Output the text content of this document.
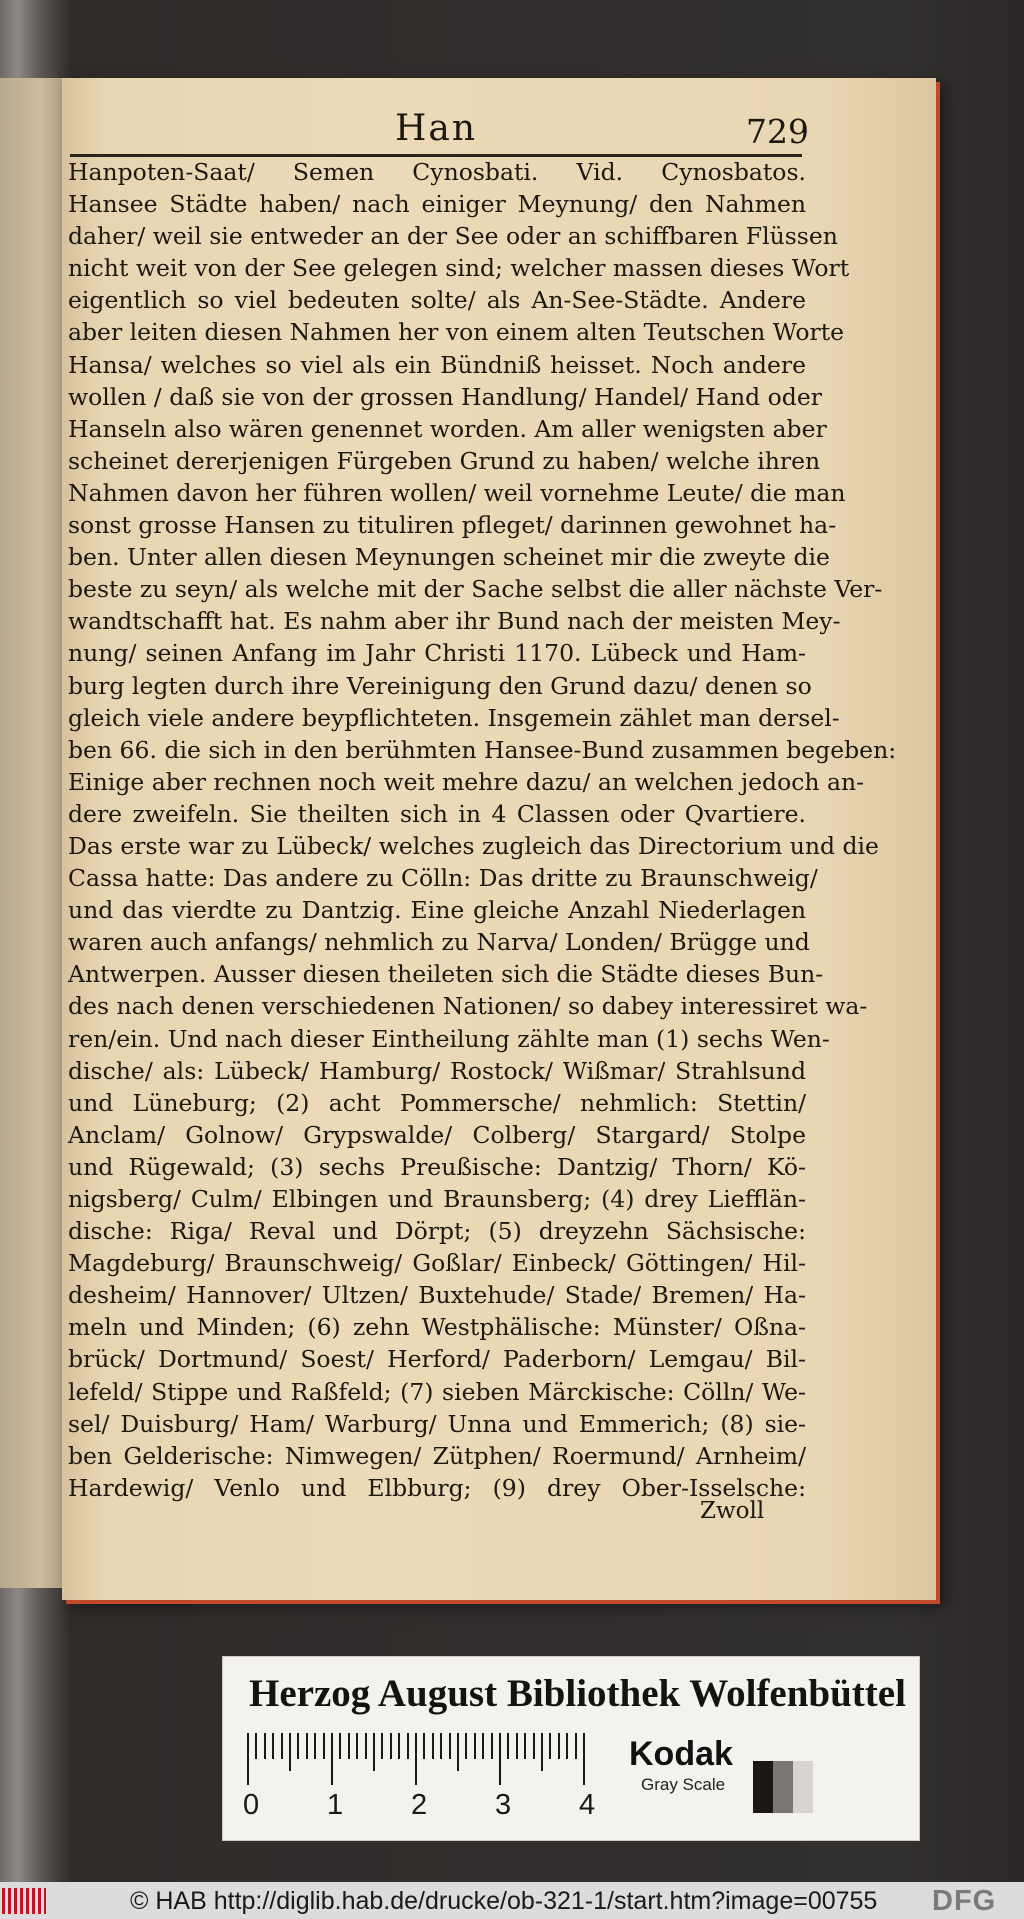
Han	729
Hanpoten-Saat/ Semen Cynosbati. Vid. Cynosbatos.
Hansee Städte haben/ nach einiger Meynung/ den Nahmen
daher/ weil sie entweder an der See oder an schiffbaren Flüssen
nicht weit von der See gelegen sind; welcher massen dieses Wort
eigentlich so viel bedeuten solte/ als An-See-Städte. Andere
aber leiten diesen Nahmen her von einem alten Teutschen Worte
Hansa/ welches so viel als ein Bündniß heisset. Noch andere
wollen / daß sie von der grossen Handlung/ Handel/ Hand oder
Hanseln also wären genennet worden. Am aller wenigsten aber
scheinet dererjenigen Fürgeben Grund zu haben/ welche ihren
Nahmen davon her führen wollen/ weil vornehme Leute/ die man
sonst grosse Hansen zu tituliren pfleget/ darinnen gewohnet ha-
ben. Unter allen diesen Meynungen scheinet mir die zweyte die
beste zu seyn/ als welche mit der Sache selbst die aller nächste Ver-
wandtschafft hat. Es nahm aber ihr Bund nach der meisten Mey-
nung/ seinen Anfang im Jahr Christi 1170. Lübeck und Ham-
burg legten durch ihre Vereinigung den Grund dazu/ denen so
gleich viele andere beypflichteten. Insgemein zählet man dersel-
ben 66. die sich in den berühmten Hansee-Bund zusammen begeben:
Einige aber rechnen noch weit mehre dazu/ an welchen jedoch an-
dere zweifeln. Sie theilten sich in 4 Classen oder Qvartiere.
Das erste war zu Lübeck/ welches zugleich das Directorium und die
Cassa hatte: Das andere zu Cölln: Das dritte zu Braunschweig/
und das vierdte zu Dantzig. Eine gleiche Anzahl Niederlagen
waren auch anfangs/ nehmlich zu Narva/ Londen/ Brügge und
Antwerpen. Ausser diesen theileten sich die Städte dieses Bun-
des nach denen verschiedenen Nationen/ so dabey interessiret wa-
ren/ein. Und nach dieser Eintheilung zählte man (1) sechs Wen-
dische/ als: Lübeck/ Hamburg/ Rostock/ Wißmar/ Strahlsund
und Lüneburg; (2) acht Pommersche/ nehmlich: Stettin/
Anclam/ Golnow/ Grypswalde/ Colberg/ Stargard/ Stolpe
und Rügewald; (3) sechs Preußische: Dantzig/ Thorn/ Kö-
nigsberg/ Culm/ Elbingen und Braunsberg; (4) drey Liefflän-
dische: Riga/ Reval und Dörpt; (5) dreyzehn Sächsische:
Magdeburg/ Braunschweig/ Goßlar/ Einbeck/ Göttingen/ Hil-
desheim/ Hannover/ Ultzen/ Buxtehude/ Stade/ Bremen/ Ha-
meln und Minden; (6) zehn Westphälische: Münster/ Oßna-
brück/ Dortmund/ Soest/ Herford/ Paderborn/ Lemgau/ Bil-
lefeld/ Stippe und Raßfeld; (7) sieben Märckische: Cölln/ We-
sel/ Duisburg/ Ham/ Warburg/ Unna und Emmerich; (8) sie-
ben Gelderische: Nimwegen/ Zütphen/ Roermund/ Arnheim/
Hardewig/ Venlo und Elbburg; (9) drey Ober-Isselsche:
Zwoll
Herzog August Bibliothek Wolfenbüttel
0 1 2 3 4
Kodak
Gray Scale
© HAB http://diglib.hab.de/drucke/ob-321-1/start.htm?image=00755 DFG
